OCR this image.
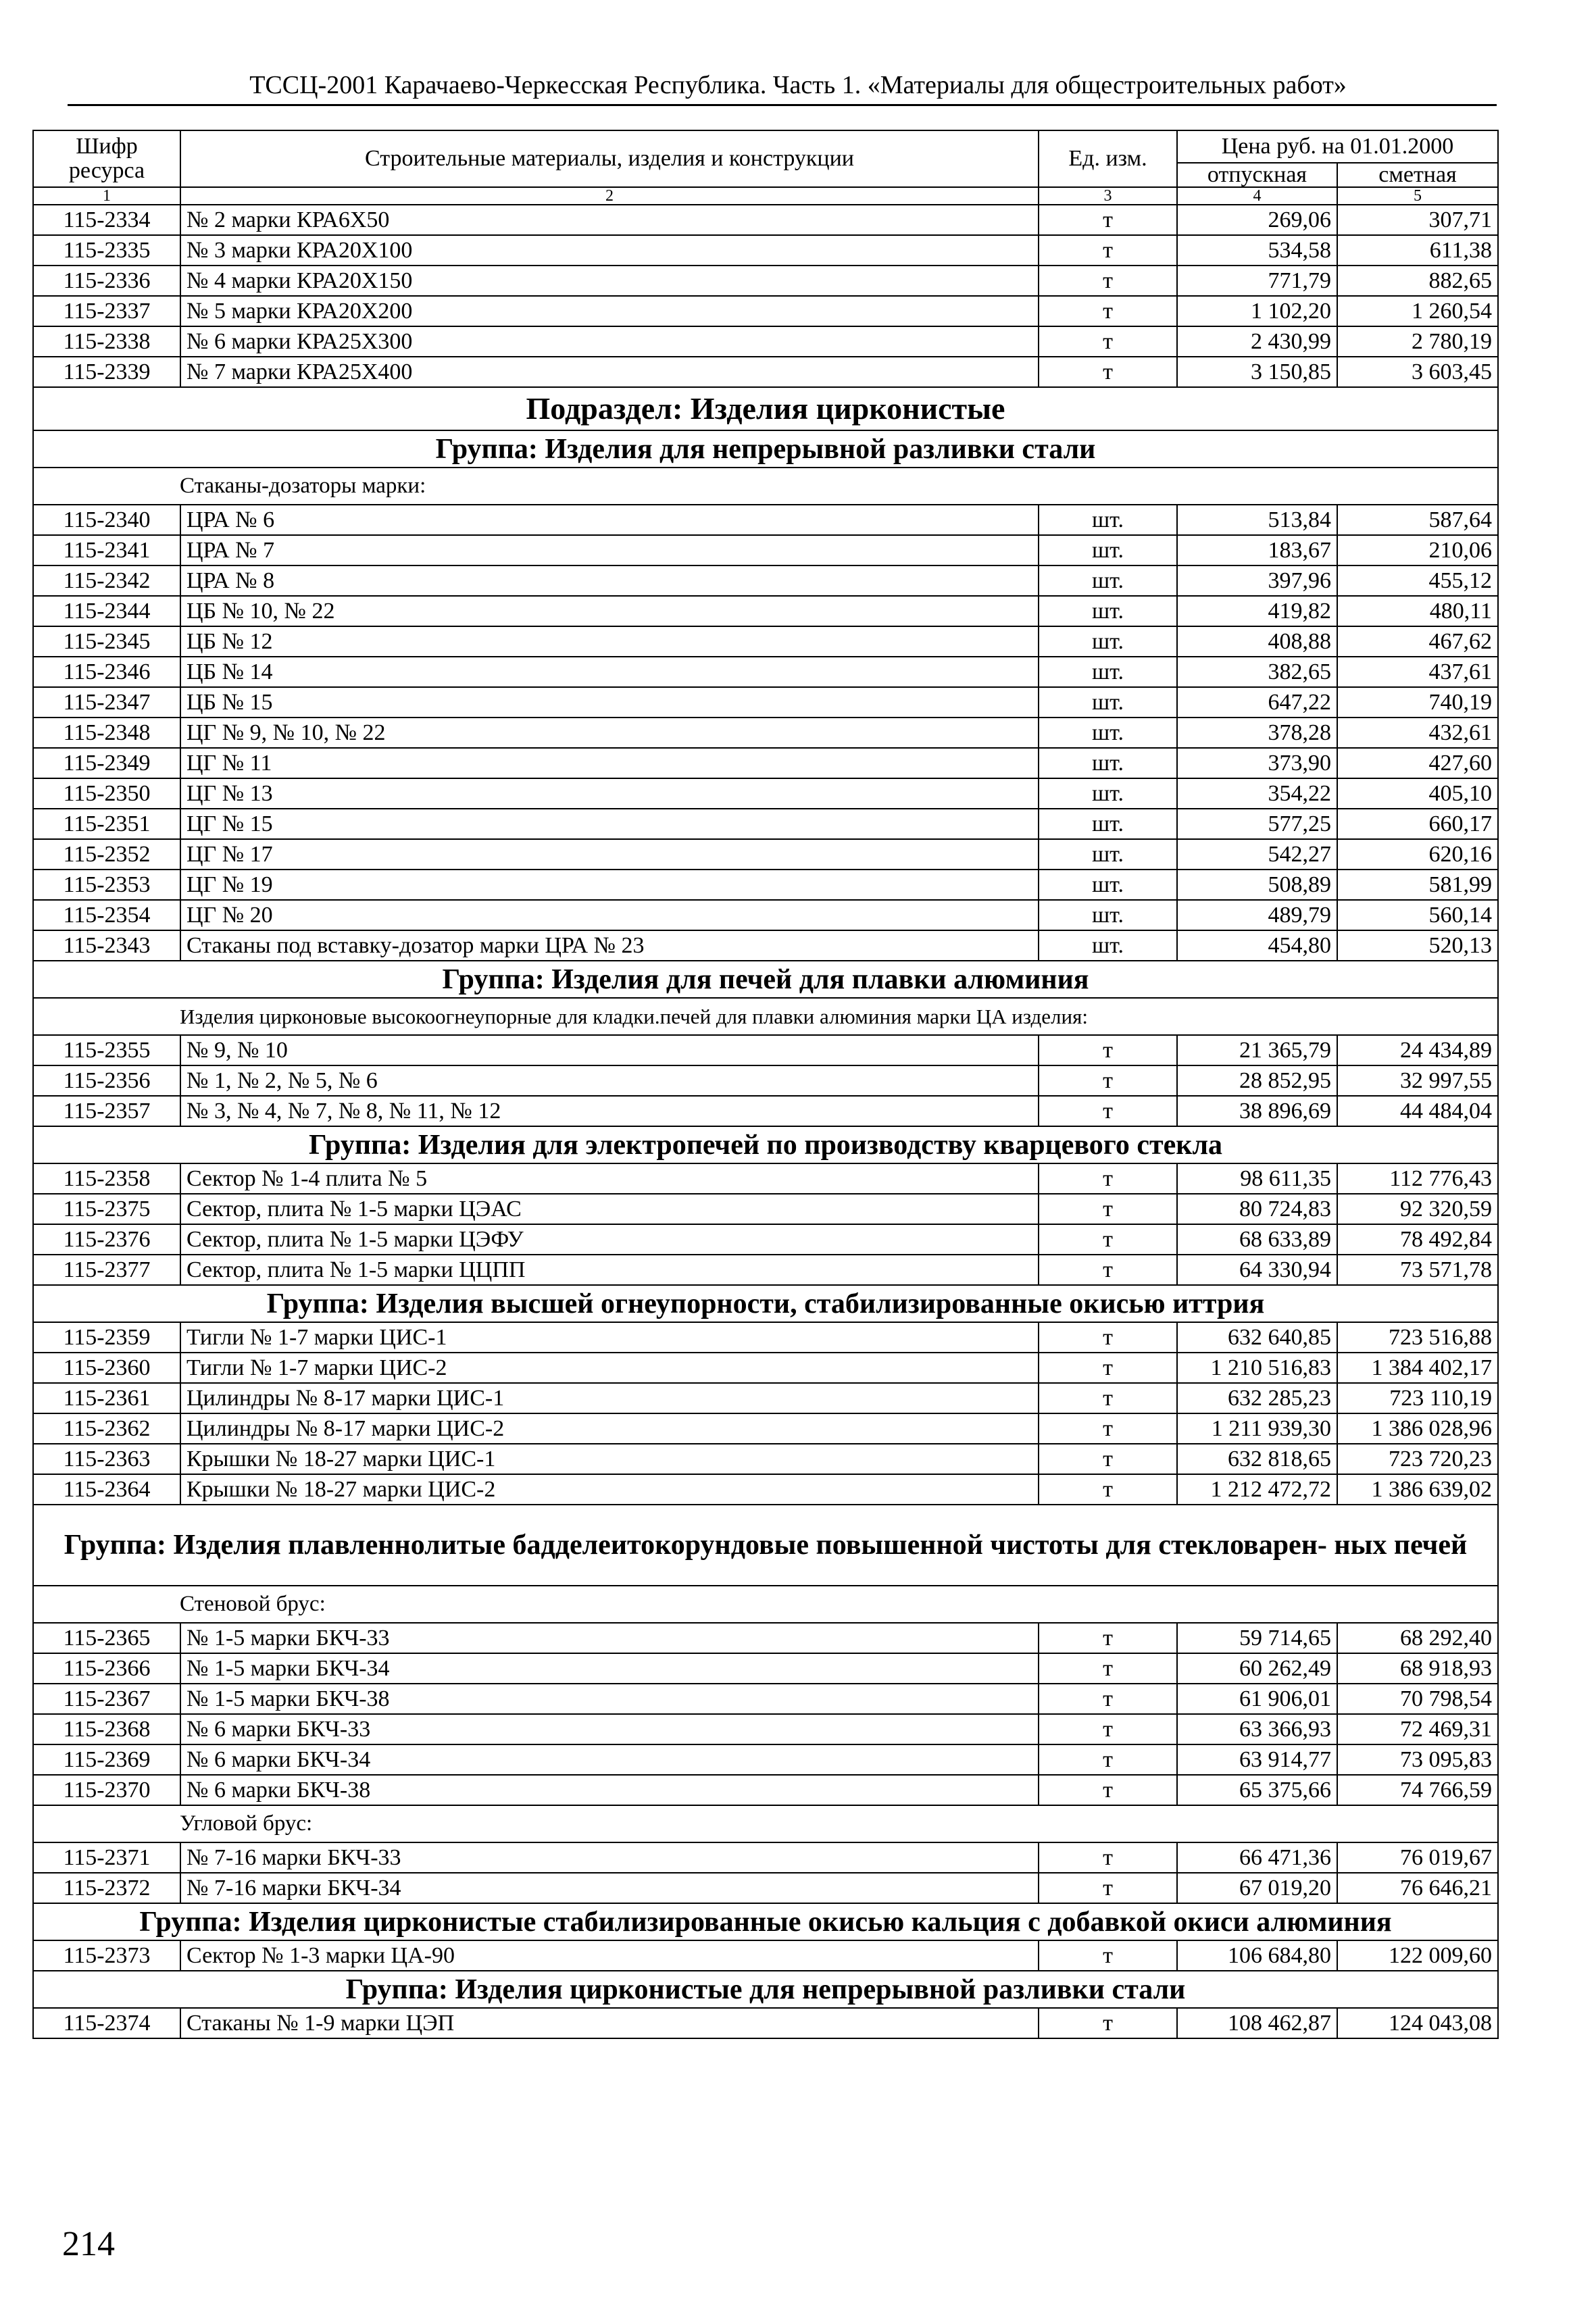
ТССЦ-2001 Карачаево-Черкесская Республика. Часть 1. «Материалы для общестроительных работ»
Шифр ресурса	Строительные материалы, изделия и конструкции	Ед. изм.	Цена руб. на 01.01.2000	
			отпускная	сметная
1	2	3	4	5
115-2334	№ 2 марки КРА6Х50	т	269,06	307,71
115-2335	№ 3 марки КРА20Х100	т	534,58	611,38
115-2336	№ 4 марки КРА20Х150	т	771,79	882,65
115-2337	№ 5 марки КРА20Х200	т	1 102,20	1 260,54
115-2338	№ 6 марки КРА25Х300	т	2 430,99	2 780,19
115-2339	№ 7 марки КРА25Х400	т	3 150,85	3 603,45
Подраздел: Изделия цирконистые				
Группа: Изделия для непрерывной разливки стали				
Стаканы-дозаторы марки:				
115-2340	ЦРА № 6	шт.	513,84	587,64
115-2341	ЦРА № 7	шт.	183,67	210,06
115-2342	ЦРА № 8	шт.	397,96	455,12
115-2344	ЦБ № 10, № 22	шт.	419,82	480,11
115-2345	ЦБ № 12	шт.	408,88	467,62
115-2346	ЦБ № 14	шт.	382,65	437,61
115-2347	ЦБ № 15	шт.	647,22	740,19
115-2348	ЦГ № 9, № 10, № 22	шт.	378,28	432,61
115-2349	ЦГ № 11	шт.	373,90	427,60
115-2350	ЦГ № 13	шт.	354,22	405,10
115-2351	ЦГ № 15	шт.	577,25	660,17
115-2352	ЦГ № 17	шт.	542,27	620,16
115-2353	ЦГ № 19	шт.	508,89	581,99
115-2354	ЦГ № 20	шт.	489,79	560,14
115-2343	Стаканы под вставку-дозатор марки ЦРА № 23	шт.	454,80	520,13
Группа: Изделия для печей для плавки алюминия				
Изделия цирконовые высокоогнеупорные для кладки.печей для плавки алюминия марки ЦА изделия:				
115-2355	№ 9, № 10	т	21 365,79	24 434,89
115-2356	№ 1, № 2, № 5, № 6	т	28 852,95	32 997,55
115-2357	№ 3, № 4, № 7, № 8, № 11, № 12	т	38 896,69	44 484,04
Группа: Изделия для электропечей по производству кварцевого стекла				
115-2358	Сектор № 1-4 плита № 5	т	98 611,35	112 776,43
115-2375	Сектор, плита № 1-5 марки ЦЭАС	т	80 724,83	92 320,59
115-2376	Сектор, плита № 1-5 марки ЦЭФУ	т	68 633,89	78 492,84
115-2377	Сектор, плита № 1-5 марки ЦЦПП	т	64 330,94	73 571,78
Группа: Изделия высшей огнеупорности, стабилизированные окисью иттрия				
115-2359	Тигли № 1-7 марки ЦИС-1	т	632 640,85	723 516,88
115-2360	Тигли № 1-7 марки ЦИС-2	т	1 210 516,83	1 384 402,17
115-2361	Цилиндры № 8-17 марки ЦИС-1	т	632 285,23	723 110,19
115-2362	Цилиндры № 8-17 марки ЦИС-2	т	1 211 939,30	1 386 028,96
115-2363	Крышки № 18-27 марки ЦИС-1	т	632 818,65	723 720,23
115-2364	Крышки № 18-27 марки ЦИС-2	т	1 212 472,72	1 386 639,02
Группа: Изделия плавленнолитые бадделеитокорундовые повышенной чистоты для стекловарен- ных печей				
Стеновой брус:				
115-2365	№ 1-5 марки БКЧ-33	т	59 714,65	68 292,40
115-2366	№ 1-5 марки БКЧ-34	т	60 262,49	68 918,93
115-2367	№ 1-5 марки БКЧ-38	т	61 906,01	70 798,54
115-2368	№ 6 марки БКЧ-33	т	63 366,93	72 469,31
115-2369	№ 6 марки БКЧ-34	т	63 914,77	73 095,83
115-2370	№ 6 марки БКЧ-38	т	65 375,66	74 766,59
Угловой брус:				
115-2371	№ 7-16 марки БКЧ-33	т	66 471,36	76 019,67
115-2372	№ 7-16 марки БКЧ-34	т	67 019,20	76 646,21
Группа: Изделия цирконистые стабилизированные окисью кальция с добавкой окиси алюминия				
115-2373	Сектор № 1-3 марки ЦА-90	т	106 684,80	122 009,60
Группа: Изделия цирконистые для непрерывной разливки стали				
115-2374	Стаканы № 1-9 марки ЦЭП	т	108 462,87	124 043,08
214
